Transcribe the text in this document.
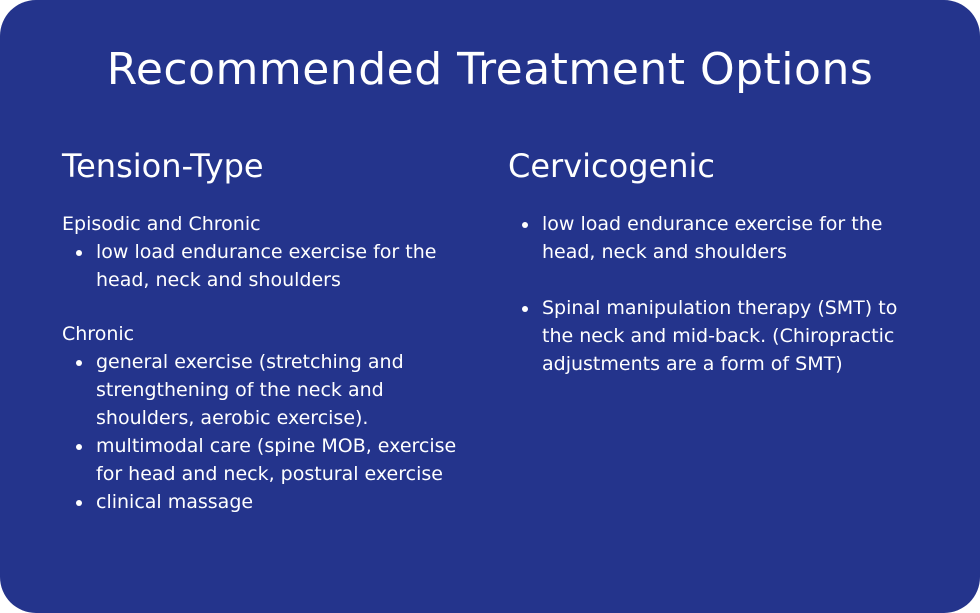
Recommended Treatment Options
Tension-Type	Cervicogenic

Episodic and Chronic

low load endurance exercise for the head, neck and shoulders

Chronic

general exercise (stretching and strengthening of the neck and shoulders, aerobic exercise).
multimodal care (spine MOB, exercise for head and neck, postural exercise
clinical massage
low load endurance exercise for the head, neck and shoulders
Spinal manipulation therapy (SMT) to the neck and mid-back. (Chiropractic adjustments are a form of SMT)
